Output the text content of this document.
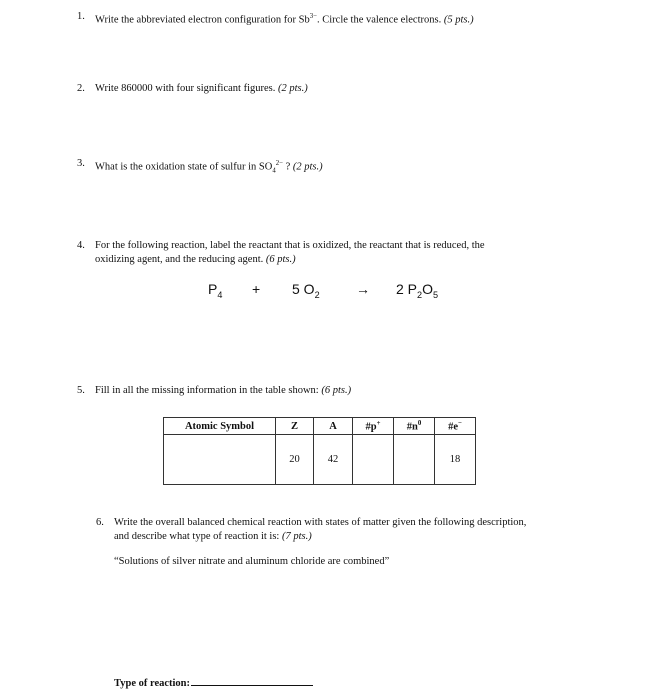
1. Write the abbreviated electron configuration for $Sb^{3-}$. Circle the valence electrons. (5 pts.)
2. Write 860000 with four significant figures. (2 pts.)
3. What is the oxidation state of sulfur in $SO_4^{2-}$ ? (2 pts.)
4. For the following reaction, label the reactant that is oxidized, the reactant that is reduced, the
oxidizing agent, and the reducing agent. (6 pts.)
$P_4 + 5$ $O_2$	→ 2 $P_2O_5$
5. Fill in all the missing information in the table shown: (6 pts.)
Atomic Symbol	Z	A	#p+	$\#n^0$	#e−
	20	42			18
6. Write the overall balanced chemical reaction with states of matter given the following description,
and describe what type of reaction it is: (7 pts.)
“Solutions of silver nitrate and aluminum chloride are combined”
Type of reaction:
